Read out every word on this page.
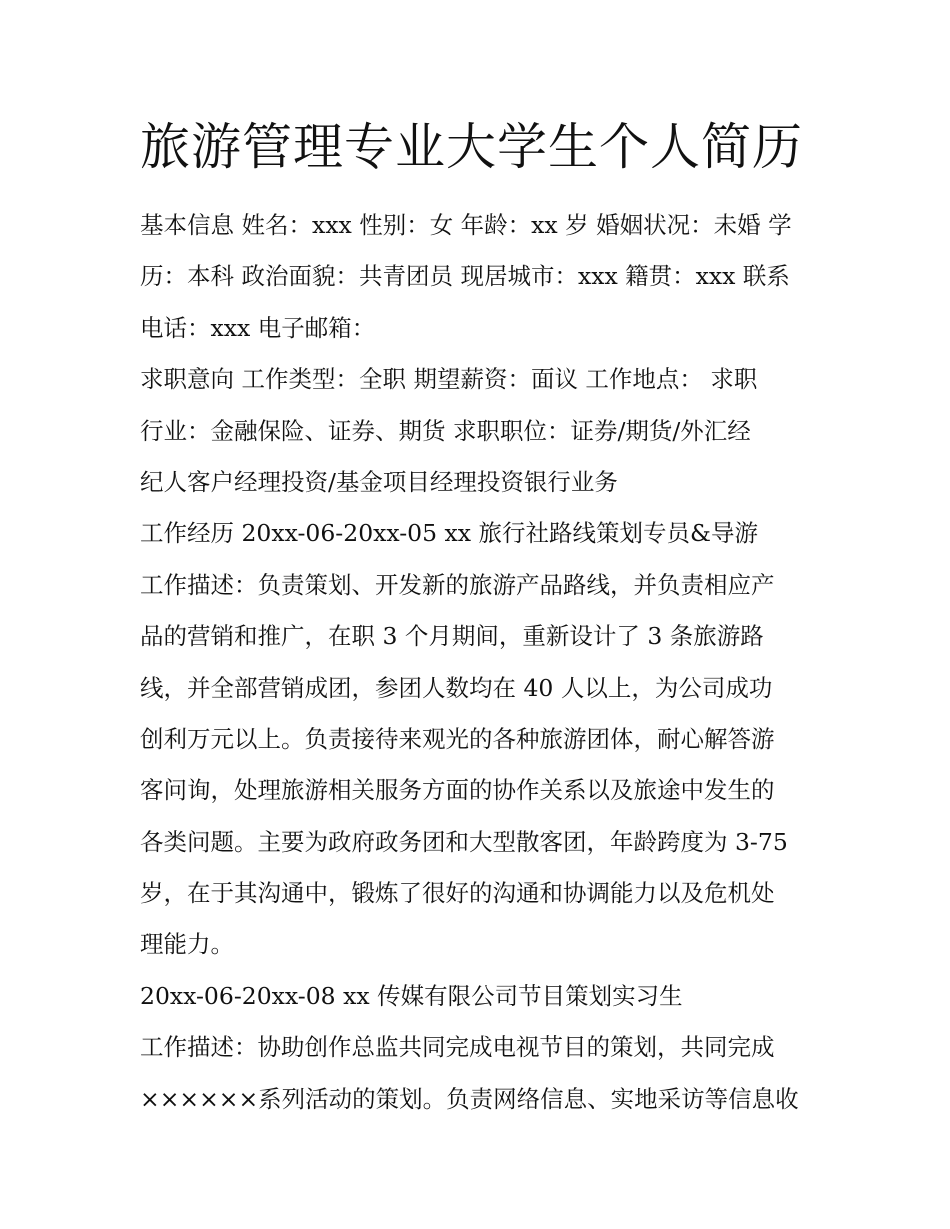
旅游管理专业大学生个人简历
基本信息 姓名：xxx 性别：女 年龄：xx 岁 婚姻状况：未婚 学
历：本科 政治面貌：共青团员 现居城市：xxx 籍贯：xxx 联系
电话：xxx 电子邮箱：
求职意向 工作类型：全职 期望薪资：面议 工作地点： 求职
行业：金融保险、证券、期货 求职职位：证券/期货/外汇经
纪人客户经理投资/基金项目经理投资银行业务
工作经历 20xx-06-20xx-05 xx 旅行社路线策划专员&导游
工作描述：负责策划、开发新的旅游产品路线，并负责相应产
品的营销和推广，在职 3 个月期间，重新设计了 3 条旅游路
线，并全部营销成团，参团人数均在 40 人以上，为公司成功
创利万元以上。负责接待来观光的各种旅游团体，耐心解答游
客问询，处理旅游相关服务方面的协作关系以及旅途中发生的
各类问题。主要为政府政务团和大型散客团，年龄跨度为 3-75
岁，在于其沟通中，锻炼了很好的沟通和协调能力以及危机处
理能力。
20xx-06-20xx-08 xx 传媒有限公司节目策划实习生
工作描述：协助创作总监共同完成电视节目的策划，共同完成
××××××系列活动的策划。负责网络信息、实地采访等信息收
